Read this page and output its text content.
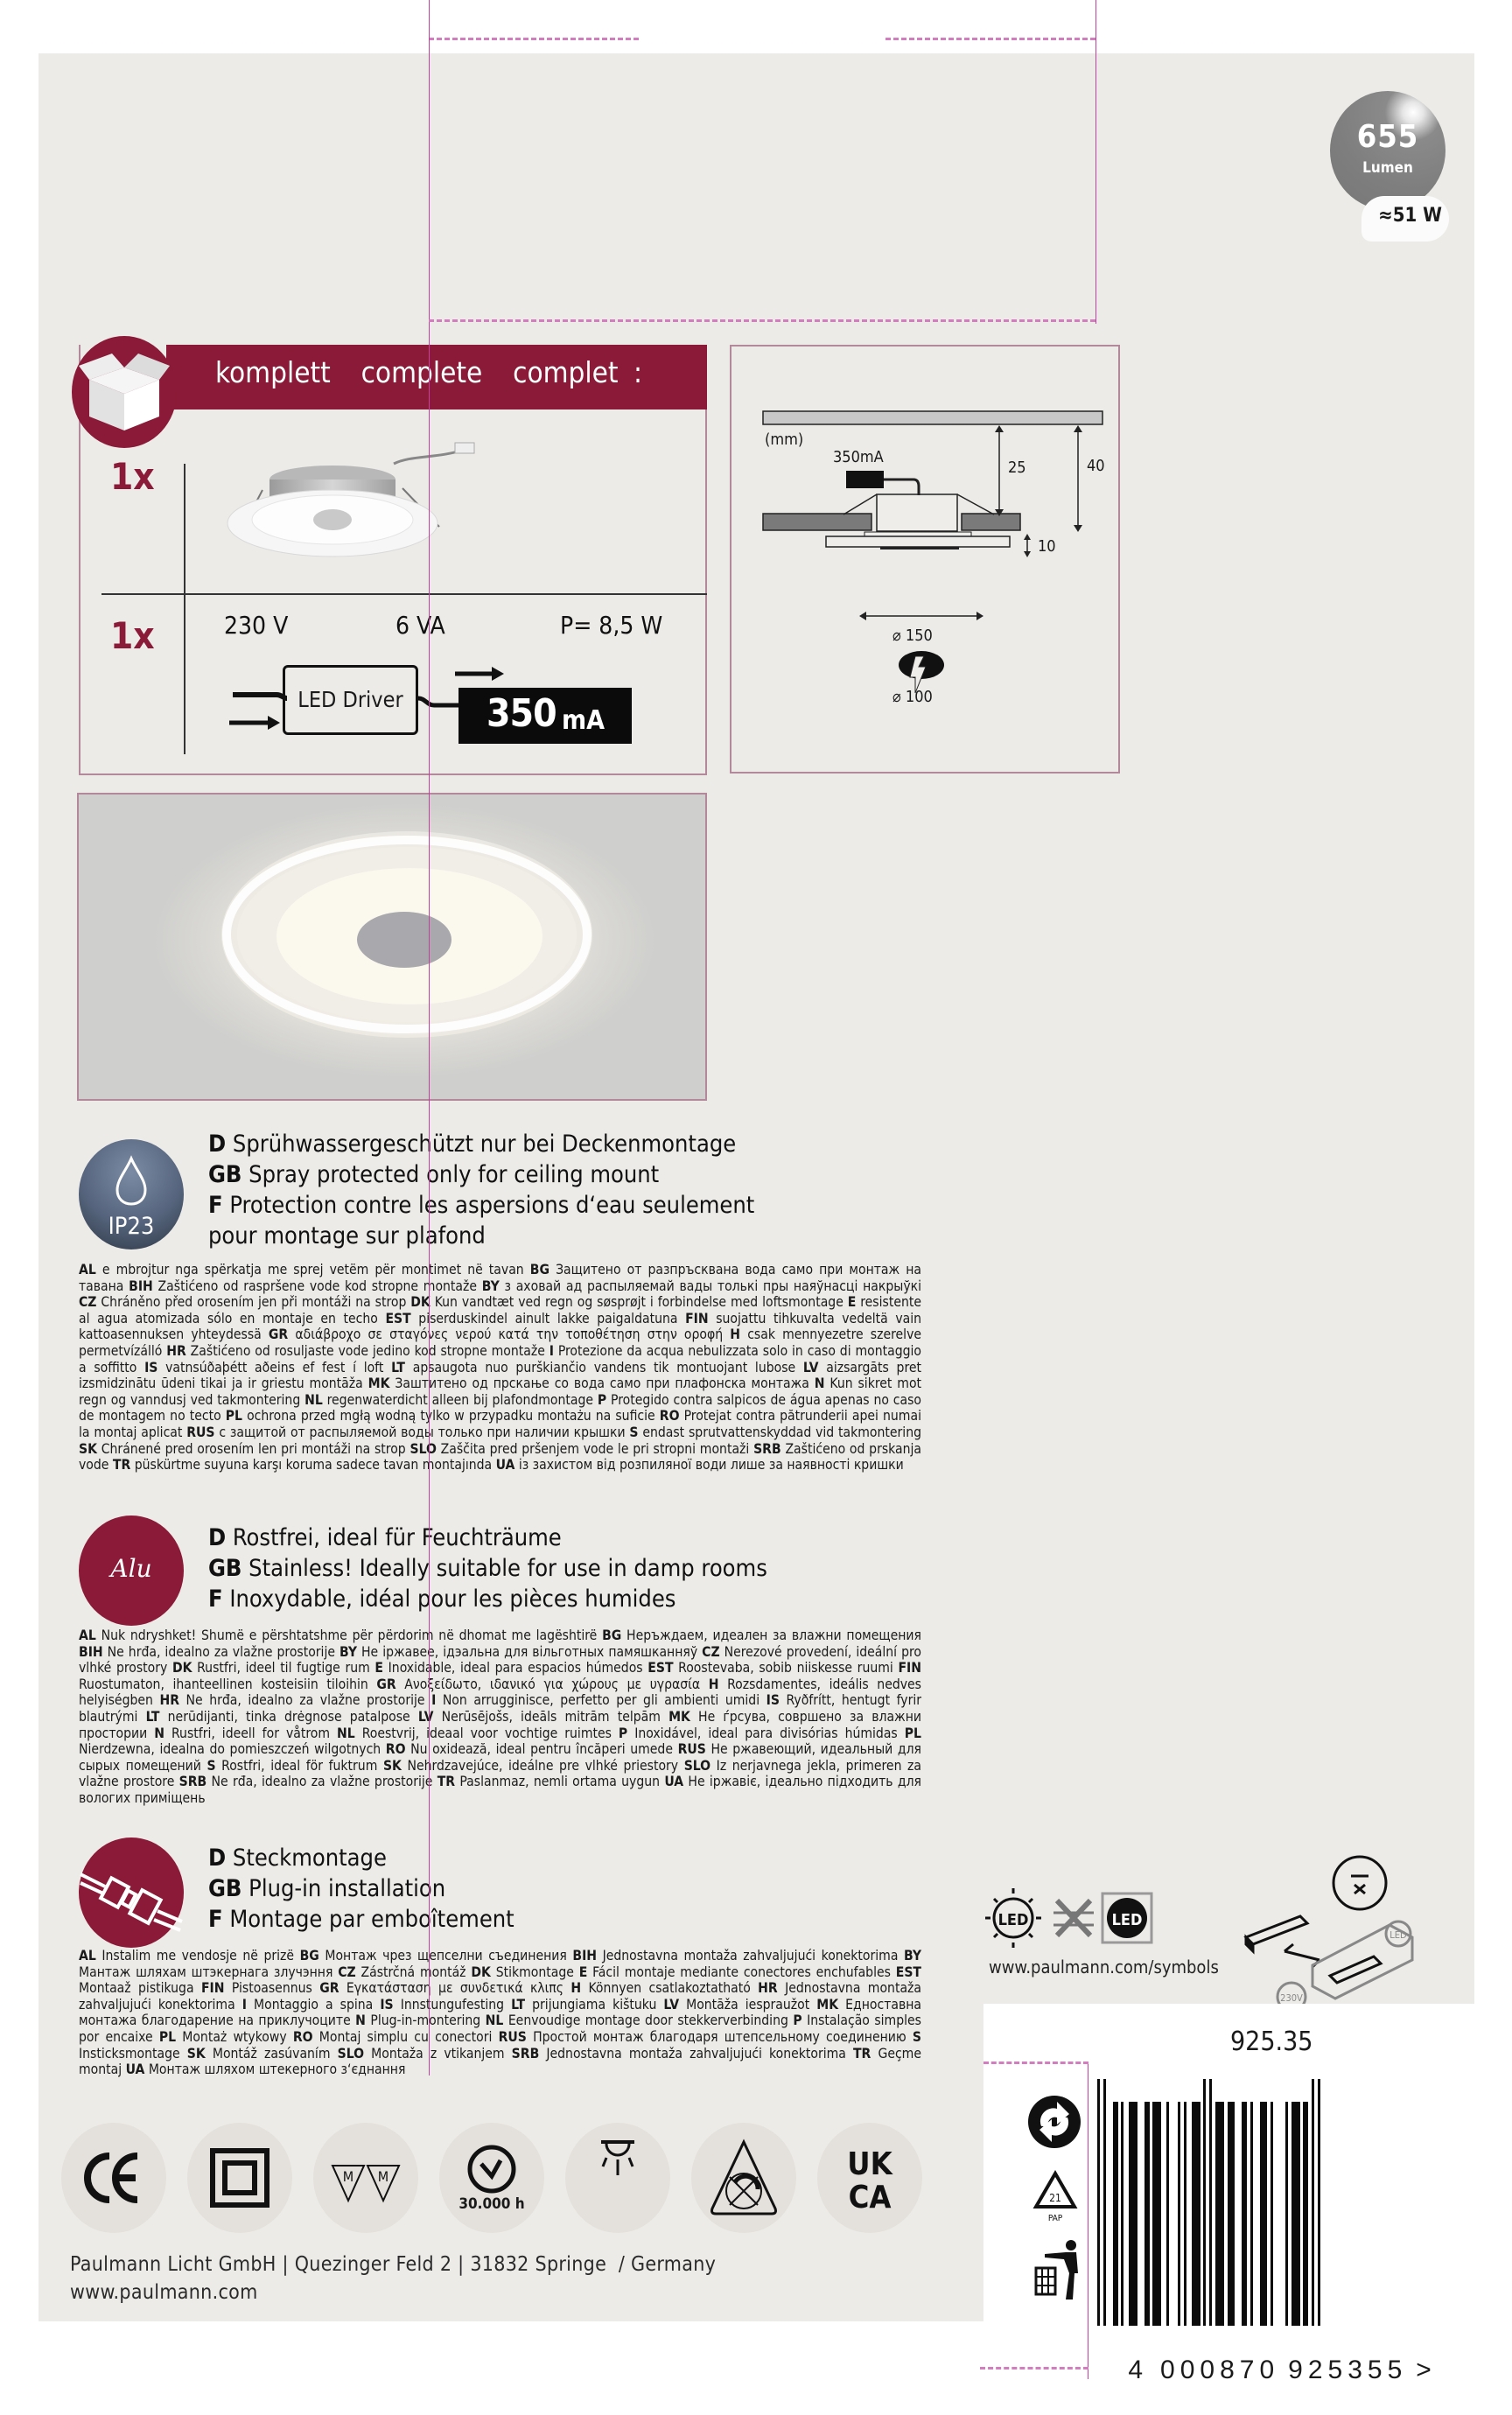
655
Lumen
≈51 W
komplett  complete  complet :
1x
1x	230 V	6 VA	P= 8,5 W
LED Driver	350 mA
(mm)
350mA
25	40
10
⌀ 150
⌀ 100
IP23
D Sprühwassergeschützt nur bei Deckenmontage
GB Spray protected only for ceiling mount
F Protection contre les aspersions d‘eau seulement
pour montage sur plafond
AL e mbrojtur nga spërkatja me sprej vetëm për montimet në tavan BG Защитено от разпръсквана вода само при монтаж на тавана BIH Zaštićeno od raspršene vode kod stropne montaže BY з аховай ад распыляемай вады толькі пры наяўнасці накрыўкі CZ Chráněno před orosením jen při montáži na strop DK Kun vandtæt ved regn og søsprøjt i forbindelse med loftsmontage E resistente al agua atomizada sólo en montaje en techo EST piserduskindel ainult lakke paigaldatuna FIN suojattu tihkuvalta vedeltä vain kattoasennuksen yhteydessä GR αδιάβροχο σε σταγόνες νερού κατά την τοποθέτηση στην οροφή H csak mennyezetre szerelve permetvízálló HR Zaštićeno od rosuljaste vode jedino kod stropne montaže I Protezione da acqua nebulizzata solo in caso di montaggio a soffitto IS vatnsúðaþétt aðeins ef fest í loft LT apsaugota nuo purškiančio vandens tik montuojant lubose LV aizsargāts pret izsmidzinātu ūdeni tikai ja ir griestu montāža MK Заштитено од прскање со вода само при плафонска монтажа N Kun sikret mot regn og vanndusj ved takmontering NL regenwaterdicht alleen bij plafondmontage P Protegido contra salpicos de água apenas no caso de montagem no tecto PL ochrona przed mgłą wodną tylko w przypadku montażu na suficie RO Protejat contra pătrunderii apei numai la montaj aplicat RUS с защитой от распыляемой воды только при наличии крышки S endast sprutvattenskyddad vid takmontering SK Chránené pred orosením len pri montáži na strop SLO Zaščita pred pršenjem vode le pri stropni montaži SRB Zaštićeno od prskanja vode TR püskürtme suyuna karşı koruma sadece tavan montajında UA із захистом від розпиляної води лише за наявності кришки
Alu
D Rostfrei, ideal für Feuchträume
GB Stainless! Ideally suitable for use in damp rooms
F Inoxydable, idéal pour les pièces humides
AL Nuk ndryshket! Shumë e përshtatshme për përdorim në dhomat me lagështirë BG Неръждаем, идеален за влажни помещения BIH Ne hrđa, idealno za vlažne prostorije BY Не іржавее, ідэальна для вільготных памяшканняў CZ Nerezové provedení, ideální pro vlhké prostory DK Rustfri, ideel til fugtige rum E Inoxidable, ideal para espacios húmedos EST Roostevaba, sobib niiskesse ruumi FIN Ruostumaton, ihanteellinen kosteisiin tiloihin GR Ανοξείδωτο, ιδανικό για χώρους με υγρασία H Rozsdamentes, ideális nedves helyiségben HR Ne hrđa, idealno za vlažne prostorije I Non arrugginisce, perfetto per gli ambienti umidi IS Ryðfrítt, hentugt fyrir blautrými LT nerūdijanti, tinka drėgnose patalpose LV Nerūsējošs, ideāls mitrām telpām MK Не ѓрсува, совршено за влажни простории N Rustfri, ideell for våtrom NL Roestvrij, ideaal voor vochtige ruimtes P Inoxidável, ideal para divisórias húmidas PL Nierdzewna, idealna do pomieszczeń wilgotnych RO Nu oxidează, ideal pentru încăperi umede RUS Не ржавеющий, идеальный для сырых помещений S Rostfri, ideal för fuktrum SK Nehrdzavejúce, ideálne pre vlhké priestory SLO Iz nerjavnega jekla, primeren za vlažne prostore SRB Ne rđa, idealno za vlažne prostorije TR Paslanmaz, nemli ortama uygun UA Не іржавіє, ідеально підходить для вологих приміщень
D Steckmontage
GB Plug-in installation
F Montage par emboîtement
AL Instalim me vendosje në prizë BG Монтаж чрез щепселни съединения BIH Jednostavna montaža zahvaljujući konektorima BY Мантаж шляхам штэкернага злучэння CZ Zástrčná montáž DK Stikmontage E Fácil montaje mediante conectores enchufables EST Montaaž pistikuga FIN Pistoasennus GR Εγκατάσταση με συνδετικά κλιπς H Könnyen csatlakoztatható HR Jednostavna montaža zahvaljujući konektorima I Montaggio a spina IS Innstungufesting LT prijungiama kištuku LV Montāža iespraužot MK Едноставна монтажа благодарение на приклучоците N Plug-in-montering NL Eenvoudige montage door stekkerverbinding P Instalação simples por encaixe PL Montaż wtykowy RO Montaj simplu cu conectori RUS Простой монтаж благодаря штепсельному соединению S Insticksmontage SK Montáž zasúvaním SLO Montaža z vtikanjem SRB Jednostavna montaža zahvaljujući konektorima TR Geçme montaj UA Монтаж шляхом штекерного з‘єднання
LED	LED
LED
230V
www.paulmann.com/symbols
925.35
21
PAP

4 000870 925355 >

M M
30.000 h
UK
CA
Paulmann Licht GmbH | Quezinger Feld 2 | 31832 Springe  / Germany
www.paulmann.com
